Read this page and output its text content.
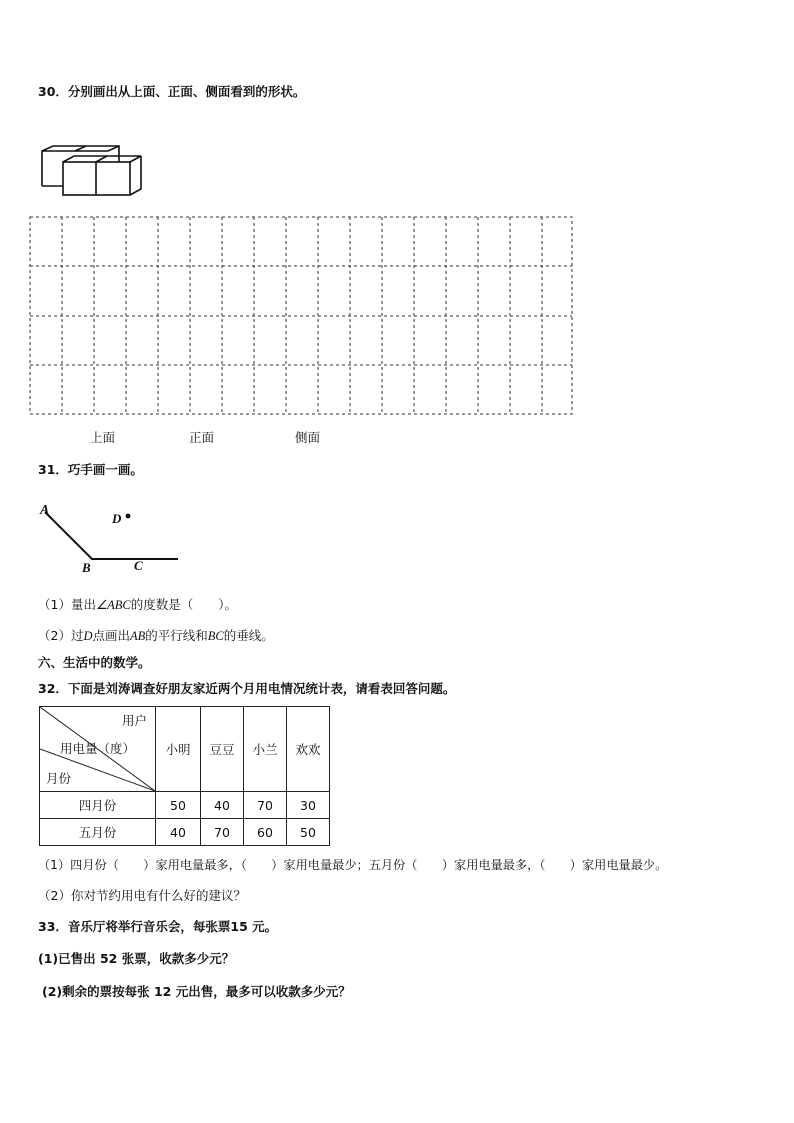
30．分别画出从上面、正面、侧面看到的形状。
上面	正面	侧面
31．巧手画一画。
A
B	C
D
（1）量出∠ABC的度数是（　　）。
（2）过D点画出AB的平行线和BC的垂线。
六、生活中的数学。
32．下面是刘涛调查好朋友家近两个月用电情况统计表，请看表回答问题。
用户
用电量（度）
月份	小明	豆豆	小兰	欢欢
四月份	50	40	70	30
五月份	40	70	60	50
（1）四月份（　　）家用电量最多，（　　）家用电量最少；五月份（　　）家用电量最多，（　　）家用电量最少。
（2）你对节约用电有什么好的建议？
33．音乐厅将举行音乐会，每张票15 元。
(1)已售出 52 张票，收款多少元？
(2)剩余的票按每张 12 元出售，最多可以收款多少元？
